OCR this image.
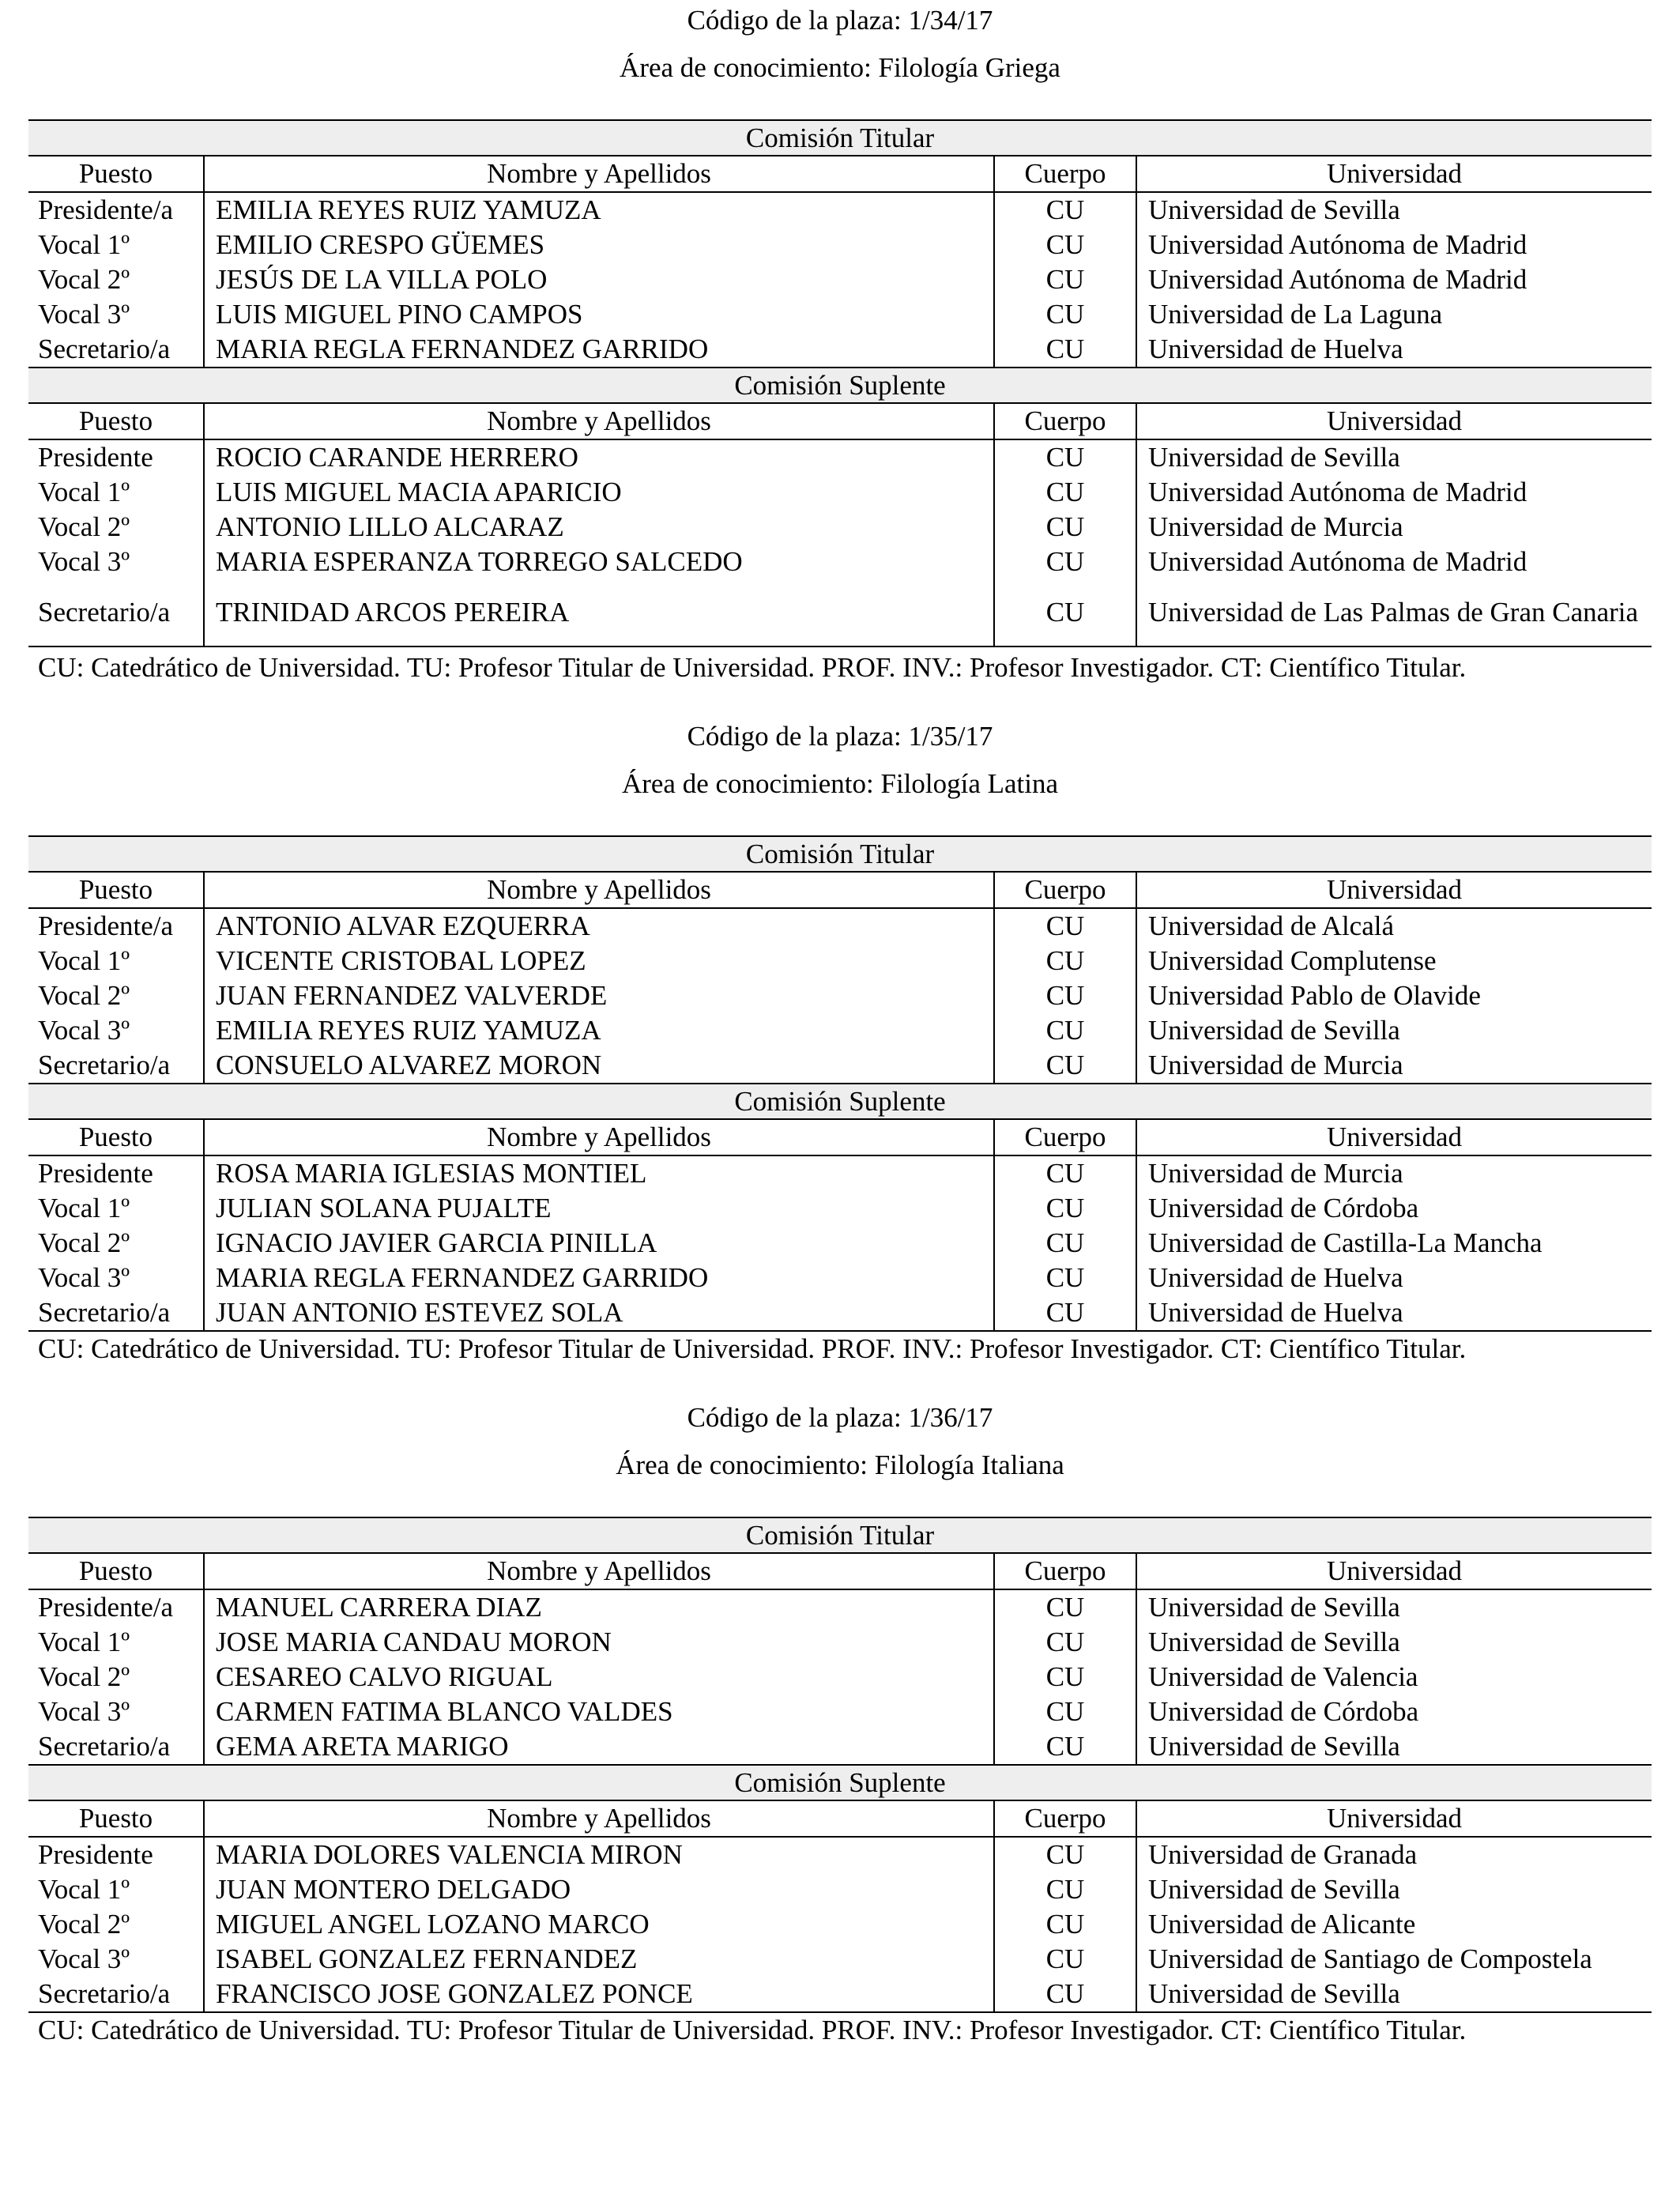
Código de la plaza: 1/34/17
Área de conocimiento: Filología Griega
Comisión Titular			
Puesto	Nombre y Apellidos	Cuerpo	Universidad
Presidente/a	EMILIA REYES RUIZ YAMUZA	CU	Universidad de Sevilla
Vocal 1º	EMILIO CRESPO GÜEMES	CU	Universidad Autónoma de Madrid
Vocal 2º	JESÚS DE LA VILLA POLO	CU	Universidad Autónoma de Madrid
Vocal 3º	LUIS MIGUEL PINO CAMPOS	CU	Universidad de La Laguna
Secretario/a	MARIA REGLA FERNANDEZ GARRIDO	CU	Universidad de Huelva
Comisión Suplente			
Puesto	Nombre y Apellidos	Cuerpo	Universidad
Presidente	ROCIO CARANDE HERRERO	CU	Universidad de Sevilla
Vocal 1º	LUIS MIGUEL MACIA APARICIO	CU	Universidad Autónoma de Madrid
Vocal 2º	ANTONIO LILLO ALCARAZ	CU	Universidad de Murcia
Vocal 3º	MARIA ESPERANZA TORREGO SALCEDO	CU	Universidad Autónoma de Madrid
Secretario/a	TRINIDAD ARCOS PEREIRA	CU	Universidad de Las Palmas de Gran Canaria
CU: Catedrático de Universidad. TU: Profesor Titular de Universidad. PROF. INV.: Profesor Investigador. CT: Científico Titular.
Código de la plaza: 1/35/17
Área de conocimiento: Filología Latina
Comisión Titular			
Puesto	Nombre y Apellidos	Cuerpo	Universidad
Presidente/a	ANTONIO ALVAR EZQUERRA	CU	Universidad de Alcalá
Vocal 1º	VICENTE CRISTOBAL LOPEZ	CU	Universidad Complutense
Vocal 2º	JUAN FERNANDEZ VALVERDE	CU	Universidad Pablo de Olavide
Vocal 3º	EMILIA REYES RUIZ YAMUZA	CU	Universidad de Sevilla
Secretario/a	CONSUELO ALVAREZ MORON	CU	Universidad de Murcia
Comisión Suplente			
Puesto	Nombre y Apellidos	Cuerpo	Universidad
Presidente	ROSA MARIA IGLESIAS MONTIEL	CU	Universidad de Murcia
Vocal 1º	JULIAN SOLANA PUJALTE	CU	Universidad de Córdoba
Vocal 2º	IGNACIO JAVIER GARCIA PINILLA	CU	Universidad de Castilla-La Mancha
Vocal 3º	MARIA REGLA FERNANDEZ GARRIDO	CU	Universidad de Huelva
Secretario/a	JUAN ANTONIO ESTEVEZ SOLA	CU	Universidad de Huelva
CU: Catedrático de Universidad. TU: Profesor Titular de Universidad. PROF. INV.: Profesor Investigador. CT: Científico Titular.
Código de la plaza: 1/36/17
Área de conocimiento: Filología Italiana
Comisión Titular			
Puesto	Nombre y Apellidos	Cuerpo	Universidad
Presidente/a	MANUEL CARRERA DIAZ	CU	Universidad de Sevilla
Vocal 1º	JOSE MARIA CANDAU MORON	CU	Universidad de Sevilla
Vocal 2º	CESAREO CALVO RIGUAL	CU	Universidad de Valencia
Vocal 3º	CARMEN FATIMA BLANCO VALDES	CU	Universidad de Córdoba
Secretario/a	GEMA ARETA MARIGO	CU	Universidad de Sevilla
Comisión Suplente			
Puesto	Nombre y Apellidos	Cuerpo	Universidad
Presidente	MARIA DOLORES VALENCIA MIRON	CU	Universidad de Granada
Vocal 1º	JUAN MONTERO DELGADO	CU	Universidad de Sevilla
Vocal 2º	MIGUEL ANGEL LOZANO MARCO	CU	Universidad de Alicante
Vocal 3º	ISABEL GONZALEZ FERNANDEZ	CU	Universidad de Santiago de Compostela
Secretario/a	FRANCISCO JOSE GONZALEZ PONCE	CU	Universidad de Sevilla
CU: Catedrático de Universidad. TU: Profesor Titular de Universidad. PROF. INV.: Profesor Investigador. CT: Científico Titular.
